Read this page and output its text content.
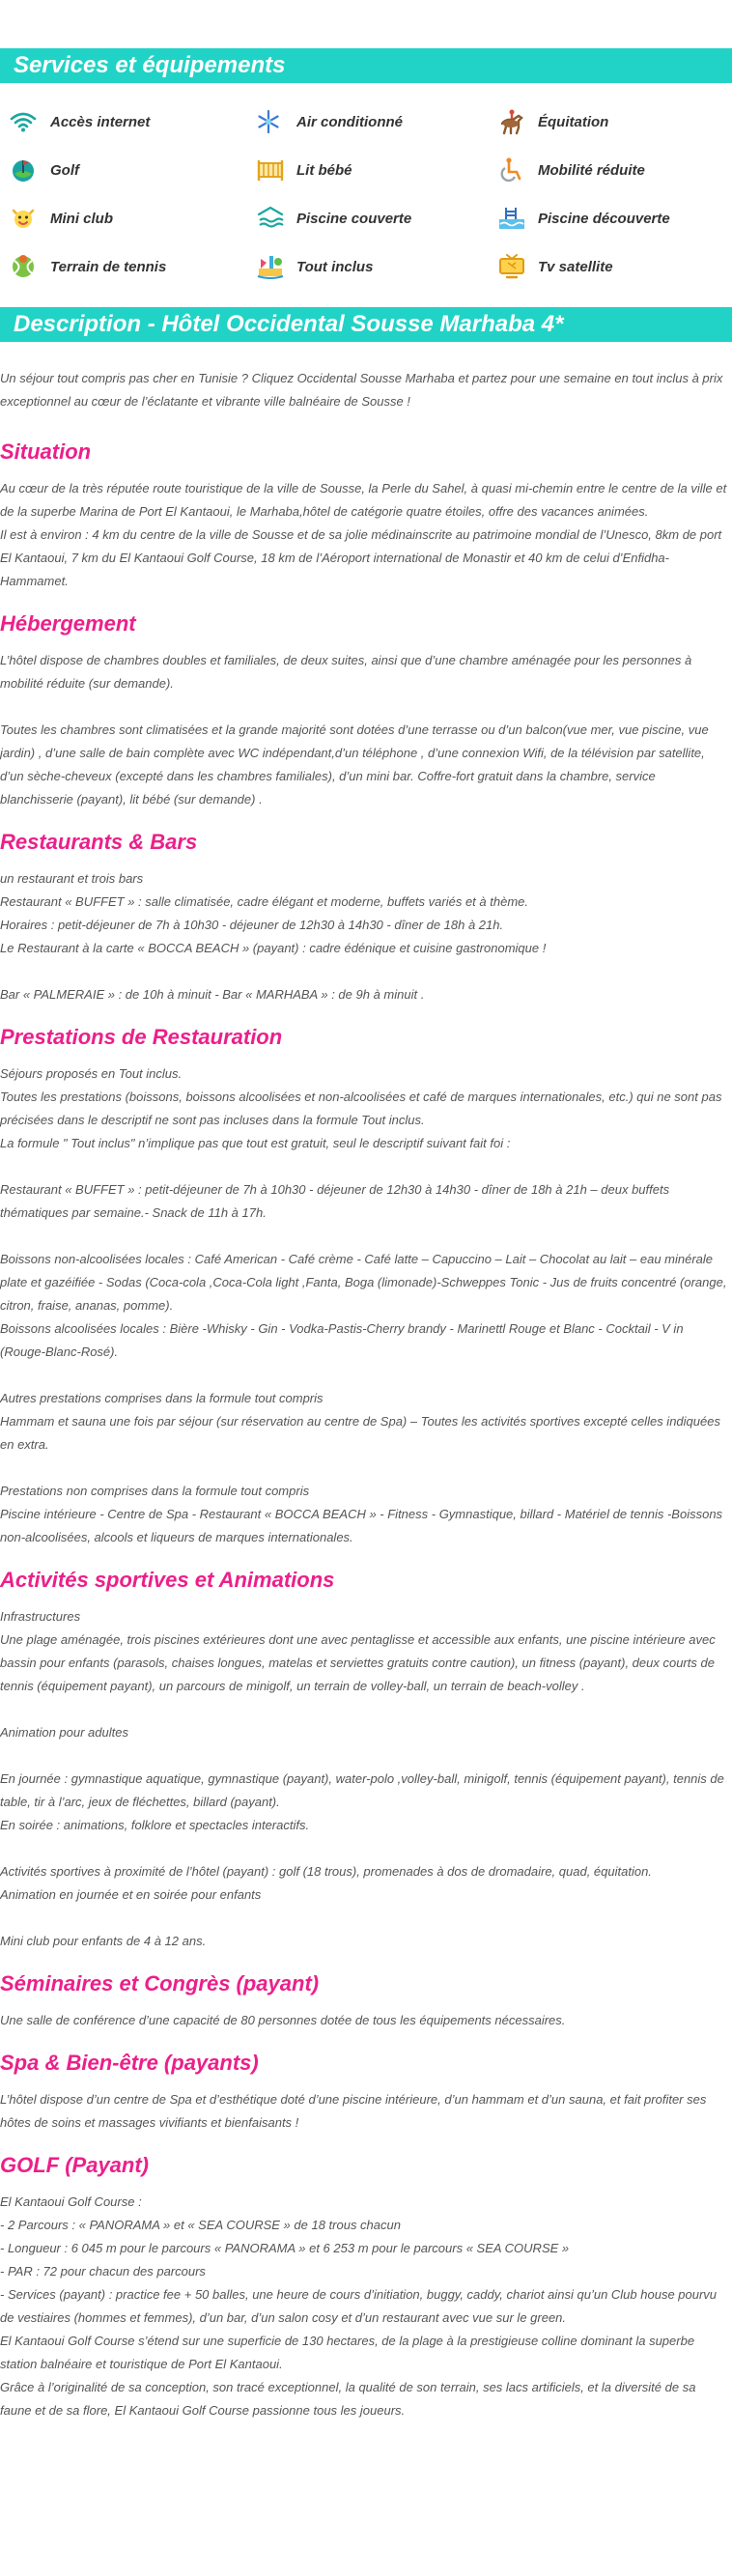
Services et équipements
Accès internet	Air conditionné	Équitation
Golf	Lit bébé	Mobilité réduite
Mini club	Piscine couverte	Piscine découverte
Terrain de tennis	Tout inclus	Tv satellite
Description - Hôtel Occidental Sousse Marhaba 4*

Un séjour tout compris pas cher en Tunisie ? Cliquez Occidental Sousse Marhaba et partez pour une semaine en tout inclus à prix exceptionnel au cœur de l’éclatante et vibrante ville balnéaire de Sousse !

Situation

Au cœur de la très réputée route touristique de la ville de Sousse, la Perle du Sahel, à quasi mi-chemin entre le centre de la ville et de la superbe Marina de Port El Kantaoui, le Marhaba,hôtel de catégorie quatre étoiles, offre des vacances animées.
Il est à environ : 4 km du centre de la ville de Sousse et de sa jolie médinainscrite au patrimoine mondial de l’Unesco, 8km de port El Kantaoui, 7 km du El Kantaoui Golf Course, 18 km de l’Aéroport international de Monastir et 40 km de celui d’Enfidha-Hammamet.

Hébergement

L’hôtel dispose de chambres doubles et familiales, de deux suites, ainsi que d’une chambre aménagée pour les personnes à mobilité réduite (sur demande).

Toutes les chambres sont climatisées et la grande majorité sont dotées d’une terrasse ou d’un balcon(vue mer, vue piscine, vue jardin) , d’une salle de bain complète avec WC indépendant,d’un téléphone , d’une connexion Wifi, de la télévision par satellite, d’un sèche-cheveux (excepté dans les chambres familiales), d’un mini bar. Coffre-fort gratuit dans la chambre, service blanchisserie (payant), lit bébé (sur demande) .

Restaurants & Bars

un restaurant et trois bars
Restaurant « BUFFET » : salle climatisée, cadre élégant et moderne, buffets variés et à thème.
Horaires : petit-déjeuner de 7h à 10h30 - déjeuner de 12h30 à 14h30 - dîner de 18h à 21h.
Le Restaurant à la carte « BOCCA BEACH » (payant) : cadre édénique et cuisine gastronomique !

Bar « PALMERAIE » : de 10h à minuit - Bar « MARHABA » : de 9h à minuit .

Prestations de Restauration

Séjours proposés en Tout inclus.
Toutes les prestations (boissons, boissons alcoolisées et non-alcoolisées et café de marques internationales, etc.) qui ne sont pas précisées dans le descriptif ne sont pas incluses dans la formule Tout inclus.
La formule " Tout inclus" n’implique pas que tout est gratuit, seul le descriptif suivant fait foi :

Restaurant « BUFFET » : petit-déjeuner de 7h à 10h30 - déjeuner de 12h30 à 14h30 - dîner de 18h à 21h – deux buffets thématiques par semaine.- Snack de 11h à 17h.

Boissons non-alcoolisées locales : Café American - Café crème - Café latte – Capuccino – Lait – Chocolat au lait – eau minérale plate et gazéifiée - Sodas (Coca-cola ,Coca-Cola light ,Fanta, Boga (limonade)-Schweppes Tonic - Jus de fruits concentré (orange, citron, fraise, ananas, pomme).
Boissons alcoolisées locales : Bière -Whisky - Gin - Vodka-Pastis-Cherry brandy - Marinettl Rouge et Blanc - Cocktail - V in (Rouge-Blanc-Rosé).

Autres prestations comprises dans la formule tout compris
Hammam et sauna une fois par séjour (sur réservation au centre de Spa) – Toutes les activités sportives excepté celles indiquées en extra.

Prestations non comprises dans la formule tout compris
Piscine intérieure - Centre de Spa - Restaurant « BOCCA BEACH » - Fitness - Gymnastique, billard - Matériel de tennis -Boissons non-alcoolisées, alcools et liqueurs de marques internationales.

Activités sportives et Animations

Infrastructures
Une plage aménagée, trois piscines extérieures dont une avec pentaglisse et accessible aux enfants, une piscine intérieure avec bassin pour enfants (parasols, chaises longues, matelas et serviettes gratuits contre caution), un fitness (payant), deux courts de tennis (équipement payant), un parcours de minigolf, un terrain de volley-ball, un terrain de beach-volley .

Animation pour adultes

En journée : gymnastique aquatique, gymnastique (payant), water-polo ,volley-ball, minigolf, tennis (équipement payant), tennis de table, tir à l’arc, jeux de fléchettes, billard (payant).
En soirée : animations, folklore et spectacles interactifs.

Activités sportives à proximité de l’hôtel (payant) : golf (18 trous), promenades à dos de dromadaire, quad, équitation.
Animation en journée et en soirée pour enfants

Mini club pour enfants de 4 à 12 ans.

Séminaires et Congrès (payant)

Une salle de conférence d’une capacité de 80 personnes dotée de tous les équipements nécessaires.

Spa & Bien-être (payants)

L’hôtel dispose d’un centre de Spa et d’esthétique doté d’une piscine intérieure, d’un hammam et d’un sauna, et fait profiter ses hôtes de soins et massages vivifiants et bienfaisants !

GOLF (Payant)

El Kantaoui Golf Course :
- 2 Parcours : « PANORAMA » et « SEA COURSE » de 18 trous chacun
- Longueur : 6 045 m pour le parcours « PANORAMA » et 6 253 m pour le parcours « SEA COURSE »
- PAR : 72 pour chacun des parcours
- Services (payant) : practice fee + 50 balles, une heure de cours d’initiation, buggy, caddy, chariot ainsi qu’un Club house pourvu de vestiaires (hommes et femmes), d’un bar, d’un salon cosy et d’un restaurant avec vue sur le green.
El Kantaoui Golf Course s’étend sur une superficie de 130 hectares, de la plage à la prestigieuse colline dominant la superbe station balnéaire et touristique de Port El Kantaoui.
Grâce à l’originalité de sa conception, son tracé exceptionnel, la qualité de son terrain, ses lacs artificiels, et la diversité de sa faune et de sa flore, El Kantaoui Golf Course passionne tous les joueurs.
